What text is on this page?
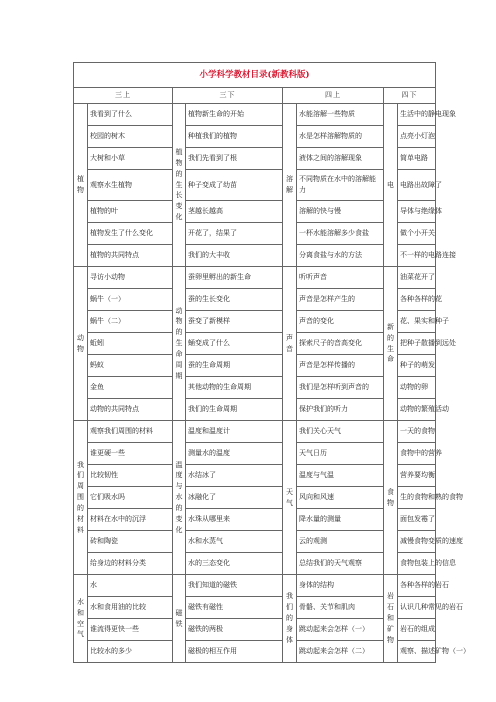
小学科学教材目录(新教科版)							
三上		三下		四上		四下	
植物	我看到了什么	植物的生长变化	植物新生命的开始	溶解	水能溶解一些物质	电	生活中的静电现象
	校园的树木		种植我们的植物		水是怎样溶解物质的		点亮小灯泡
	大树和小草		我们先看到了根		液体之间的溶解现象		简单电路
	观察水生植物		种子变成了幼苗		不同物质在水中的溶解能力		电路出故障了
	植物的叶		茎越长越高		溶解的快与慢		导体与绝缘体
	植物发生了什么变化		开花了，结果了		一杯水能溶解多少食盐		做个小开关
	植物的共同特点		我们的大丰收		分离食盐与水的方法		不一样的电路连接
动物	寻访小动物	动物的生命周期	蚕卵里孵出的新生命	声音	听听声音	新的生命	油菜花开了
	蜗牛（一）		蚕的生长变化		声音是怎样产生的		各种各样的花
	蜗牛（二）		蚕变了新模样		声音的变化		花、果实和种子
	蚯蚓		蛹变成了什么		探索尺子的音高变化		把种子散播到远处
	蚂蚁		蚕的生命周期		声音是怎样传播的		种子的萌发
	金鱼		其他动物的生命周期		我们是怎样听到声音的		动物的卵
	动物的共同特点		我们的生命周期		保护我们的听力		动物的繁殖活动
我们周围的材料	观察我们周围的材料	温度与水的变化	温度和温度计	天气	我们关心天气	食物	一天的食物
	谁更硬一些		测量水的温度		天气日历		食物中的营养
	比较韧性		水结冰了		温度与气温		营养要均衡
	它们吸水吗		冰融化了		风向和风速		生的食物和熟的食物
	材料在水中的沉浮		水珠从哪里来		降水量的测量		面包发霉了
	砖和陶瓷		水和水蒸气		云的观测		减慢食物变质的速度
	给身边的材料分类		水的三态变化		总结我们的天气观察		食物包装上的信息
水和空气	水	磁铁	我们知道的磁铁	我们的身体	身体的结构	岩石和矿物	各种各样的岩石
	水和食用油的比较		磁铁有磁性		骨骼、关节和肌肉		认识几种常见的岩石
	谁流得更快一些		磁铁的两极		跳动起来会怎样（一）		岩石的组成
	比较水的多少		磁极的相互作用		跳动起来会怎样（二）		观察、描述矿物（一）
